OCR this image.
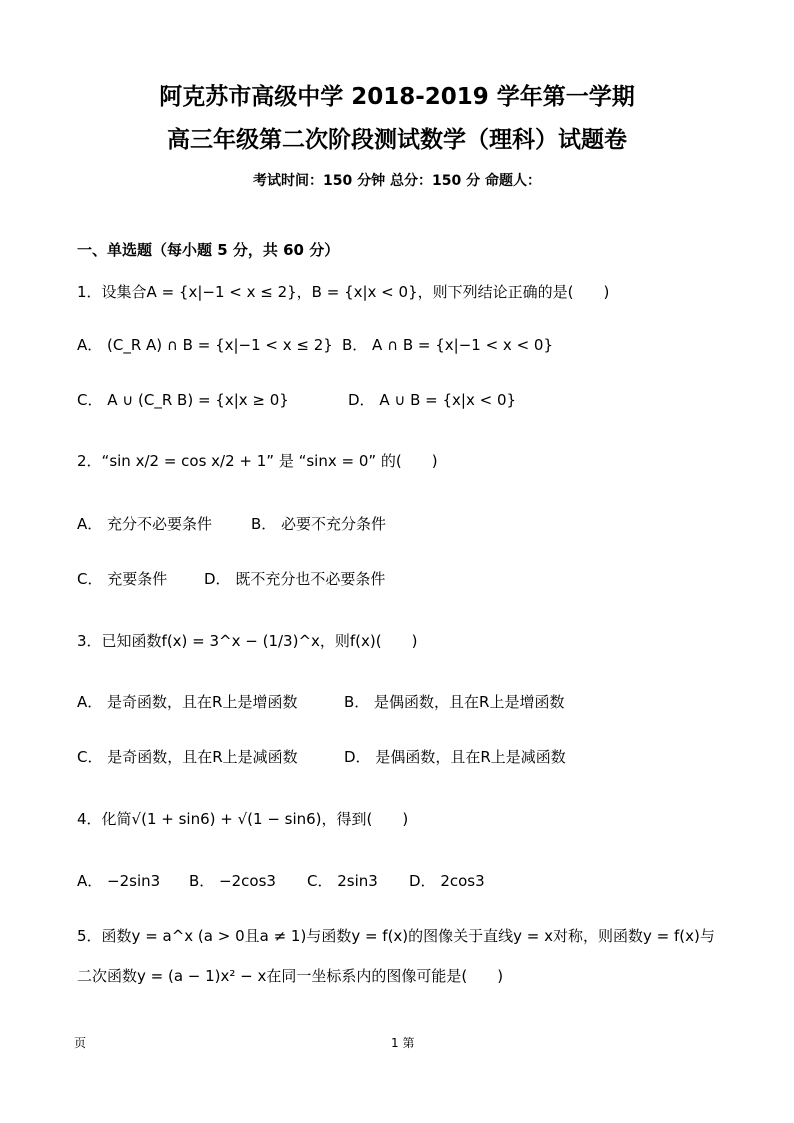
阿克苏市高级中学 2018-2019 学年第一学期
高三年级第二次阶段测试数学（理科）试题卷
考试时间：150 分钟 总分：150 分 命题人：
一、单选题（每小题 5 分，共 60 分）
1．设集合A = {x|−1 < x ≤ 2}，B = {x|x < 0}，则下列结论正确的是(　　)
A． (C_R A) ∩ B = {x|−1 < x ≤ 2} B． A ∩ B = {x|−1 < x < 0}
C． A ∪ (C_R B) = {x|x ≥ 0}	D． A ∪ B = {x|x < 0}
2．“sin x/2 = cos x/2 + 1” 是 “sinx = 0” 的(　　)
A． 充分不必要条件	B． 必要不充分条件
C． 充要条件 D． 既不充分也不必要条件
3．已知函数f(x) = 3^x − (1/3)^x，则f(x)(　　)
A． 是奇函数，且在R上是增函数	B． 是偶函数，且在R上是增函数
C． 是奇函数，且在R上是减函数	D． 是偶函数，且在R上是减函数
4．化简√(1 + sin6) + √(1 − sin6)，得到(　　)
A． −2sin3 B． −2cos3 C． 2sin3 D． 2cos3
5．函数y = a^x (a > 0且a ≠ 1)与函数y = f(x)的图像关于直线y = x对称，则函数y = f(x)与
二次函数y = (a − 1)x² − x在同一坐标系内的图像可能是(　　)
页	1 第
